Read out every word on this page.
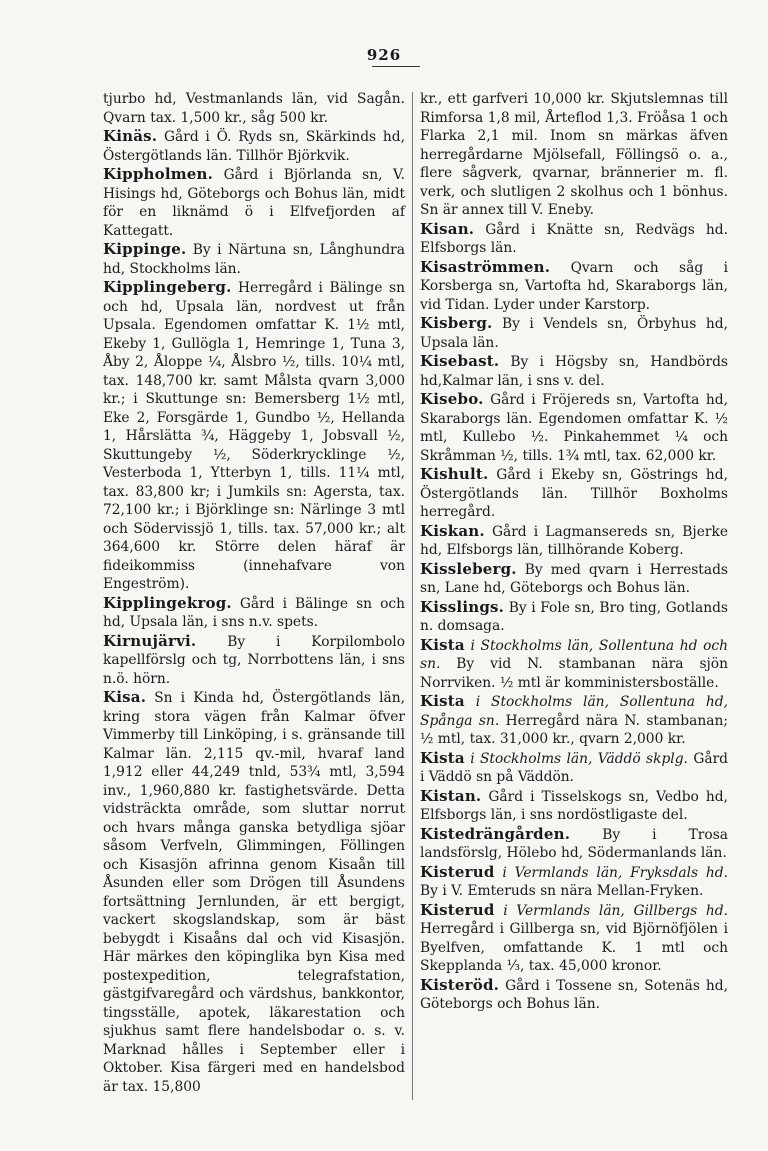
926

tjurbo hd, Vestmanlands län, vid Sagån. Qvarn tax. 1,500 kr., såg 500 kr.

Kinäs. Gård i Ö. Ryds sn, Skärkinds hd, Östergötlands län. Tillhör Björkvik.

Kippholmen. Gård i Björlanda sn, V. Hisings hd, Göteborgs och Bohus län, midt för en liknämd ö i Elfvefjorden af Kattegatt.

Kippinge. By i Närtuna sn, Långhundra hd, Stockholms län.

Kipplingeberg. Herregård i Bälinge sn och hd, Upsala län, nordvest ut från Upsala. Egendomen omfattar K. 1½ mtl, Ekeby 1, Gullögla 1, Hemringe 1, Tuna 3, Åby 2, Åloppe ¼, Ålsbro ½, tills. 10¼ mtl, tax. 148,700 kr. samt Målsta qvarn 3,000 kr.; i Skuttunge sn: Bemersberg 1½ mtl, Eke 2, Forsgärde 1, Gundbo ½, Hellanda 1, Hårslätta ¾, Häggeby 1, Jobsvall ½, Skuttungeby ½, Söderkrycklinge ½, Vesterboda 1, Ytterbyn 1, tills. 11¼ mtl, tax. 83,800 kr; i Jumkils sn: Agersta, tax. 72,100 kr.; i Björklinge sn: Närlinge 3 mtl och Södervissjö 1, tills. tax. 57,000 kr.; alt 364,600 kr. Större delen häraf är fideikommiss (innehafvare von Engeström).

Kipplingekrog. Gård i Bälinge sn och hd, Upsala län, i sns n.v. spets.

Kirnujärvi. By i Korpilombolo kapellförslg och tg, Norrbottens län, i sns n.ö. hörn.

Kisa. Sn i Kinda hd, Östergötlands län, kring stora vägen från Kalmar öfver Vimmerby till Linköping, i s. gränsande till Kalmar län. 2,115 qv.-mil, hvaraf land 1,912 eller 44,249 tnld, 53¾ mtl, 3,594 inv., 1,960,880 kr. fastighetsvärde. Detta vidsträckta område, som sluttar norrut och hvars många ganska betydliga sjöar såsom Verfveln, Glimmingen, Föllingen och Kisasjön afrinna genom Kisaån till Åsunden eller som Drögen till Åsundens fortsättning Jernlunden, är ett bergigt, vackert skogslandskap, som är bäst bebygdt i Kisaåns dal och vid Kisasjön. Här märkes den köpinglika byn Kisa med postexpedition, telegrafstation, gästgifvaregård och värdshus, bankkontor, tingsställe, apotek, läkarestation och sjukhus samt flere handelsbodar o. s. v. Marknad hålles i September eller i Oktober. Kisa färgeri med en handelsbod är tax. 15,800

kr., ett garfveri 10,000 kr. Skjutslemnas till Rimforsa 1,8 mil, Årteflod 1,3. Fröåsa 1 och Flarka 2,1 mil. Inom sn märkas äfven herregårdarne Mjölsefall, Föllingsö o. a., flere sågverk, qvarnar, brännerier m. fl. verk, och slutligen 2 skolhus och 1 bönhus. Sn är annex till V. Eneby.

Kisan. Gård i Knätte sn, Redvägs hd. Elfsborgs län.

Kisaströmmen. Qvarn och såg i Korsberga sn, Vartofta hd, Skaraborgs län, vid Tidan. Lyder under Karstorp.

Kisberg. By i Vendels sn, Örbyhus hd, Upsala län.

Kisebast. By i Högsby sn, Handbörds hd,Kalmar län, i sns v. del.

Kisebo. Gård i Fröjereds sn, Vartofta hd, Skaraborgs län. Egendomen omfattar K. ½ mtl, Kullebo ½. Pinkahemmet ¼ och Skråmman ½, tills. 1¾ mtl, tax. 62,000 kr.

Kishult. Gård i Ekeby sn, Göstrings hd, Östergötlands län. Tillhör Boxholms herregård.

Kiskan. Gård i Lagmansereds sn, Bjerke hd, Elfsborgs län, tillhörande Koberg.

Kissleberg. By med qvarn i Herrestads sn, Lane hd, Göteborgs och Bohus län.

Kisslings. By i Fole sn, Bro ting, Gotlands n. domsaga.

Kista i Stockholms län, Sollentuna hd och sn. By vid N. stambanan nära sjön Norrviken. ½ mtl är komministersboställe.

Kista i Stockholms län, Sollentuna hd, Spånga sn. Herregård nära N. stambanan; ½ mtl, tax. 31,000 kr., qvarn 2,000 kr.

Kista i Stockholms län, Väddö skplg. Gård i Väddö sn på Väddön.

Kistan. Gård i Tisselskogs sn, Vedbo hd, Elfsborgs län, i sns nordöstligaste del.

Kistedrängården. By i Trosa landsförslg, Hölebo hd, Södermanlands län.

Kisterud i Vermlands län, Fryksdals hd. By i V. Emteruds sn nära Mellan-Fryken.

Kisterud i Vermlands län, Gillbergs hd. Herregård i Gillberga sn, vid Björnöfjölen i Byelfven, omfattande K. 1 mtl och Skepplanda ⅓, tax. 45,000 kronor.

Kisteröd. Gård i Tossene sn, Sotenäs hd, Göteborgs och Bohus län.
